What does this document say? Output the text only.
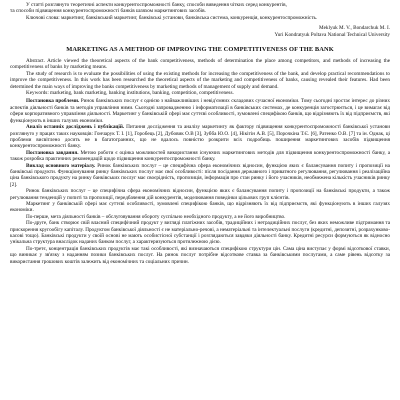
У статті розглянуто теоретичні аспекти конкурентоспроможності банку, способи виведення чітких серед конкурентів,

та способи підвищення конкурентоспроможності банків шляхом маркетингових засобів.

Ключові слова: маркетинг, банківський маркетинг, банківські установи, банківська система, конкуренція, конкурентоспроможність.

Meklyuk M. V., Bondarchuk M. I.
Yuri Kondratyuk Poltava National Technical University
MARKETING AS A METHOD OF IMPROVING THE COMPETITIVENESS OF THE BANK

Abstract. Article viewed the theoretical aspects of the bank competitiveness, methods of determination the place among competitors, and methods of increasing the competitiveness of banks by marketing means.

The study of research is to evaluate the possibilities of using the existing methods for increasing the competitiveness of the bank, and develop practical recommendations to improve the competitiveness. In this work has been researched the theoretical aspects of the marketing and competitiveness of banks, causing revealed their features. Had been determined the main ways of improving the banks competitiveness by marketing methods of management of supply and demand.

Keywords: marketing, bank marketing, banking institutions, banking, competition, competitiveness.

Постановка проблеми. Ринок банківських послуг є однією з найважливіших і невід'ємних складових сучасної економіки. Тому сьогодні зростає інтерес до різних аспектів діяльності банків та методів управління ними. Сьогодні запровадженню і інформатизації в банківських системах, де конкуренція загострюється, і це вимагає від сфери корпоративного управління діяльності. Маркетинг у банківській сфері має суттєві особливості, зумовлені специфікою банків, що відрізняють їх від підприємств, які функціонують в інших галузях економіки.

Аналіз останніх досліджень і публікацій. Питання дослідження та аналізу маркетингу як фактору підвищення конкурентоспроможності банківської установи розглянуто у працях таких науковців: Гончарук Т. І. [1], Горобець [2], Дубовик О.В [3], Зубба Ю.О. [4], Нікітін А.В. [5], Порочкіна Т.Є. [6], Ратенко О.В. [7] та ін. Однак, ці проблеми висвітлено досить не в багатогранних, що не вдалось повністю розкрити всіх подробиць поширення маркетингових засобів підвищення конкурентоспроможності банку.

Постановка завдання. Метою роботи є оцінка можливостей використання існуючих маркетингових методів для підвищення конкурентоспроможності банку, а також розробка практичних рекомендацій щодо підвищення конкурентоспроможності банку.

Виклад основного матеріалу. Ринок банківських послуг – це специфічна сфера економічних відносин, функцією яких є балансування попиту і пропозиції на банківські продукти. Функціонування ринку банківських послуг має свої особливості: після посідання державного і приватного регулювання, регулювання і реалізаційна ціна банківського продукту на ринку банківських послуг має своєрідність, пропозиція, інформація про стан ринку і його учасників, необмежена кількість учасників ринку [2].

Ринок банківських послуг – це специфічна сфера економічних відносин, функцією яких є балансування попиту і пропозиції на банківські продукти, а також регулювання тенденцій у попиті та пропозиції, передбачення дій конкурентів, моделювання поведінки цільових груп клієнтів.

Маркетинг у банківській сфері має суттєві особливості, зумовлені специфікою банків, що відрізняють їх від підприємств, які функціонують в інших галузях економіки.

По-перше, мета діяльності банків – обслуговування обороту суспільно необхідного продукту, а не його виробництво.

По-друге, банк створює свій власний специфічний продукт у вигляді платіжних засобів, традиційних і нетрадиційних послуг, без яких неможливе підтримання та прискорення кругообігу капіталу. Продуктом банківської діяльності є не матеріально-речові, а нематеріальні та інтелектуальні послуги (кредитні, депозитні, розрахунково-касові тощо). Банківські продукти у своїй основі не мають особистісної субстанції і розглядаються завдяки діяльності банку. Кредитні ресурси формуються як відносно унікальна структура внаслідок наданих банком послуг, а характеризуються протилежною дією.

По-третє, концентрація банківських продуктів має такі особливості, які визначаються специфікою структури цін. Сама ціна виступає у формі відсоткової ставки, що виникає у зв'язку з наданням позики банківських послуг. На ринок послуг потрібне відсоткове ставка за банківськими послугами, а саме рівень відсотку за використання грошових коштів залежить від економічних та соціальних причин.
